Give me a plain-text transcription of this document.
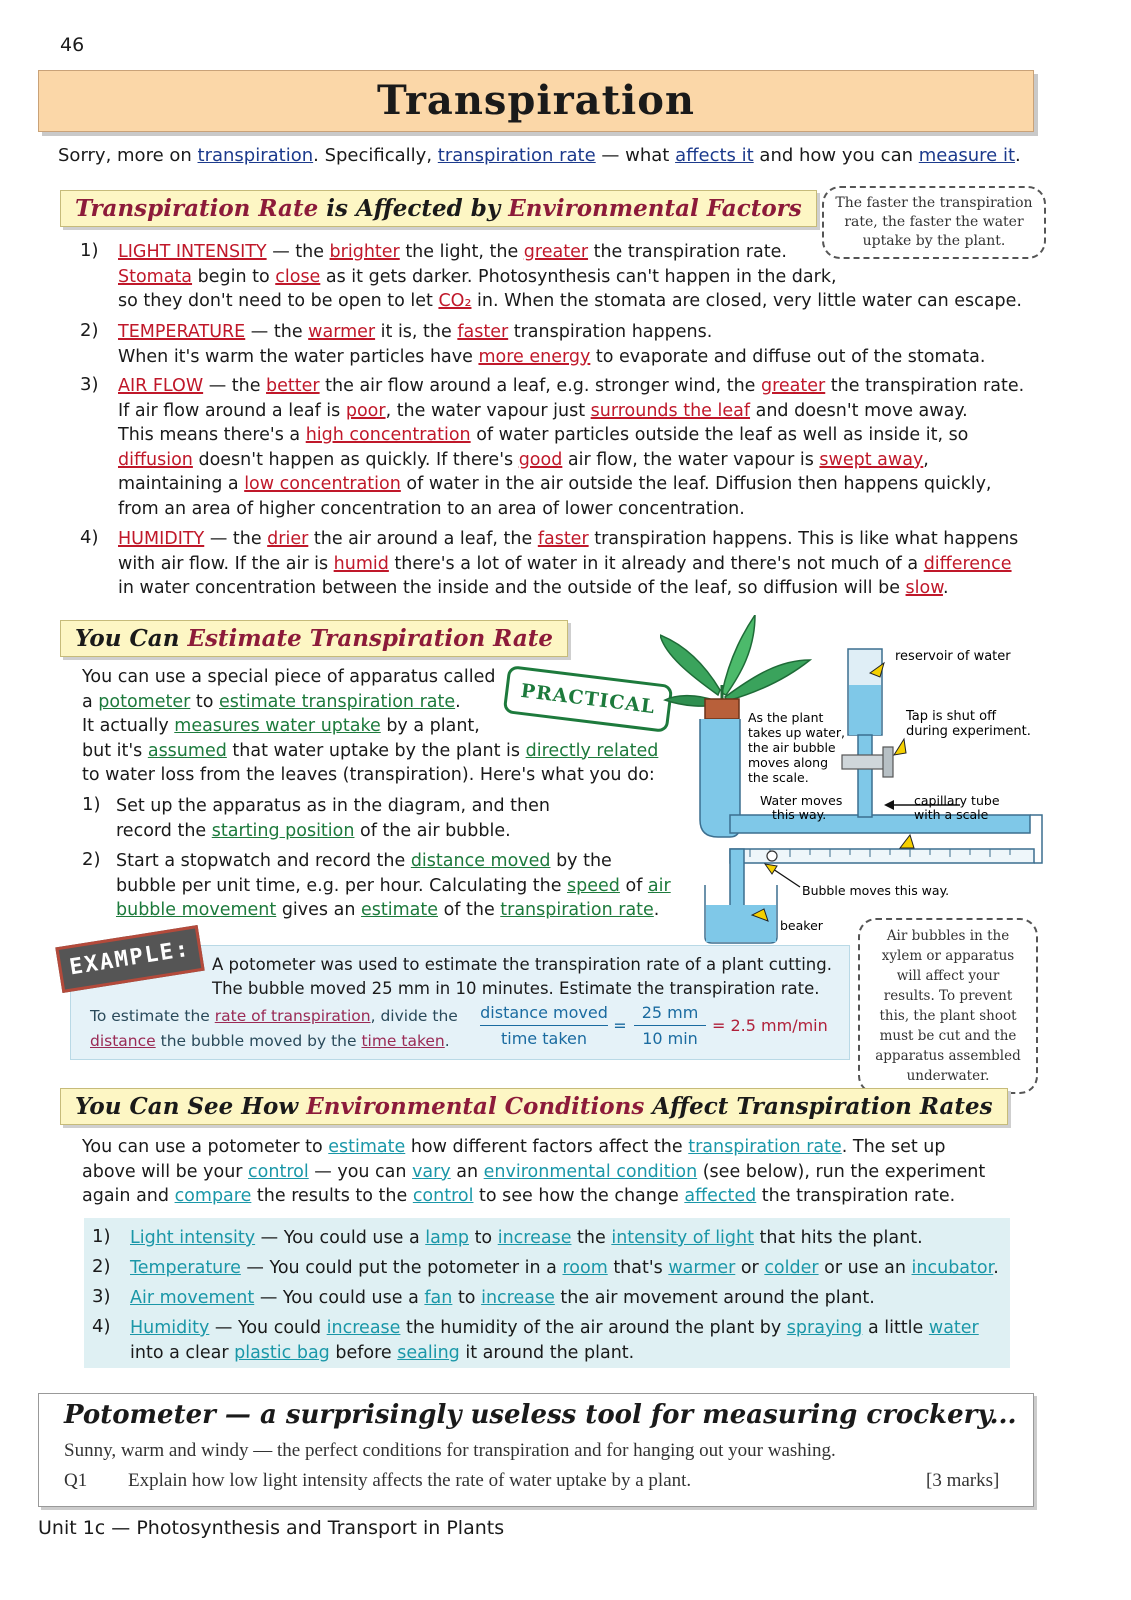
46
Transpiration
Sorry, more on transpiration. Specifically, transpiration rate — what affects it and how you can measure it.
Transpiration Rate is Affected by Environmental Factors	The faster the transpiration rate, the faster the water uptake by the plant.
1) LIGHT INTENSITY — the brighter the light, the greater the transpiration rate.
Stomata begin to close as it gets darker. Photosynthesis can't happen in the dark,
so they don't need to be open to let CO₂ in. When the stomata are closed, very little water can escape.
2) TEMPERATURE — the warmer it is, the faster transpiration happens.
When it's warm the water particles have more energy to evaporate and diffuse out of the stomata.
3) AIR FLOW — the better the air flow around a leaf, e.g. stronger wind, the greater the transpiration rate.
If air flow around a leaf is poor, the water vapour just surrounds the leaf and doesn't move away.
This means there's a high concentration of water particles outside the leaf as well as inside it, so
diffusion doesn't happen as quickly. If there's good air flow, the water vapour is swept away,
maintaining a low concentration of water in the air outside the leaf. Diffusion then happens quickly,
from an area of higher concentration to an area of lower concentration.
4) HUMIDITY — the drier the air around a leaf, the faster transpiration happens. This is like what happens
with air flow. If the air is humid there's a lot of water in it already and there's not much of a difference
in water concentration between the inside and the outside of the leaf, so diffusion will be slow.
You Can Estimate Transpiration Rate
PRACTICAL
You can use a special piece of apparatus called
a potometer to estimate transpiration rate.
It actually measures water uptake by a plant,
but it's assumed that water uptake by the plant is directly related
to water loss from the leaves (transpiration). Here's what you do:
1) Set up the apparatus as in the diagram, and then
record the starting position of the air bubble.
2) Start a stopwatch and record the distance moved by the
bubble per unit time, e.g. per hour. Calculating the speed of air
bubble movement gives an estimate of the transpiration rate.
reservoir of water
Tap is shut off
during experiment.
As the plant
takes up water,
the air bubble
moves along
the scale.
Water moves
this way.
capillary tube
with a scale
Bubble moves this way.
beaker
Air bubbles in the xylem or apparatus will affect your results. To prevent this, the plant shoot must be cut and the apparatus assembled underwater.
EXAMPLE:	A potometer was used to estimate the transpiration rate of a plant cutting.
The bubble moved 25 mm in 10 minutes. Estimate the transpiration rate.
To estimate the rate of transpiration, divide the
distance the bubble moved by the time taken.
distance moved
time taken
=
25 mm
10 min
= 2.5 mm/min
You Can See How Environmental Conditions Affect Transpiration Rates
You can use a potometer to estimate how different factors affect the transpiration rate. The set up
above will be your control — you can vary an environmental condition (see below), run the experiment
again and compare the results to the control to see how the change affected the transpiration rate.
1) Light intensity — You could use a lamp to increase the intensity of light that hits the plant.
2) Temperature — You could put the potometer in a room that's warmer or colder or use an incubator.
3) Air movement — You could use a fan to increase the air movement around the plant.
4) Humidity — You could increase the humidity of the air around the plant by spraying a little water
into a clear plastic bag before sealing it around the plant.
Potometer — a surprisingly useless tool for measuring crockery...
Sunny, warm and windy — the perfect conditions for transpiration and for hanging out your washing.
Q1 Explain how low light intensity affects the rate of water uptake by a plant.	[3 marks]
Unit 1c — Photosynthesis and Transport in Plants
